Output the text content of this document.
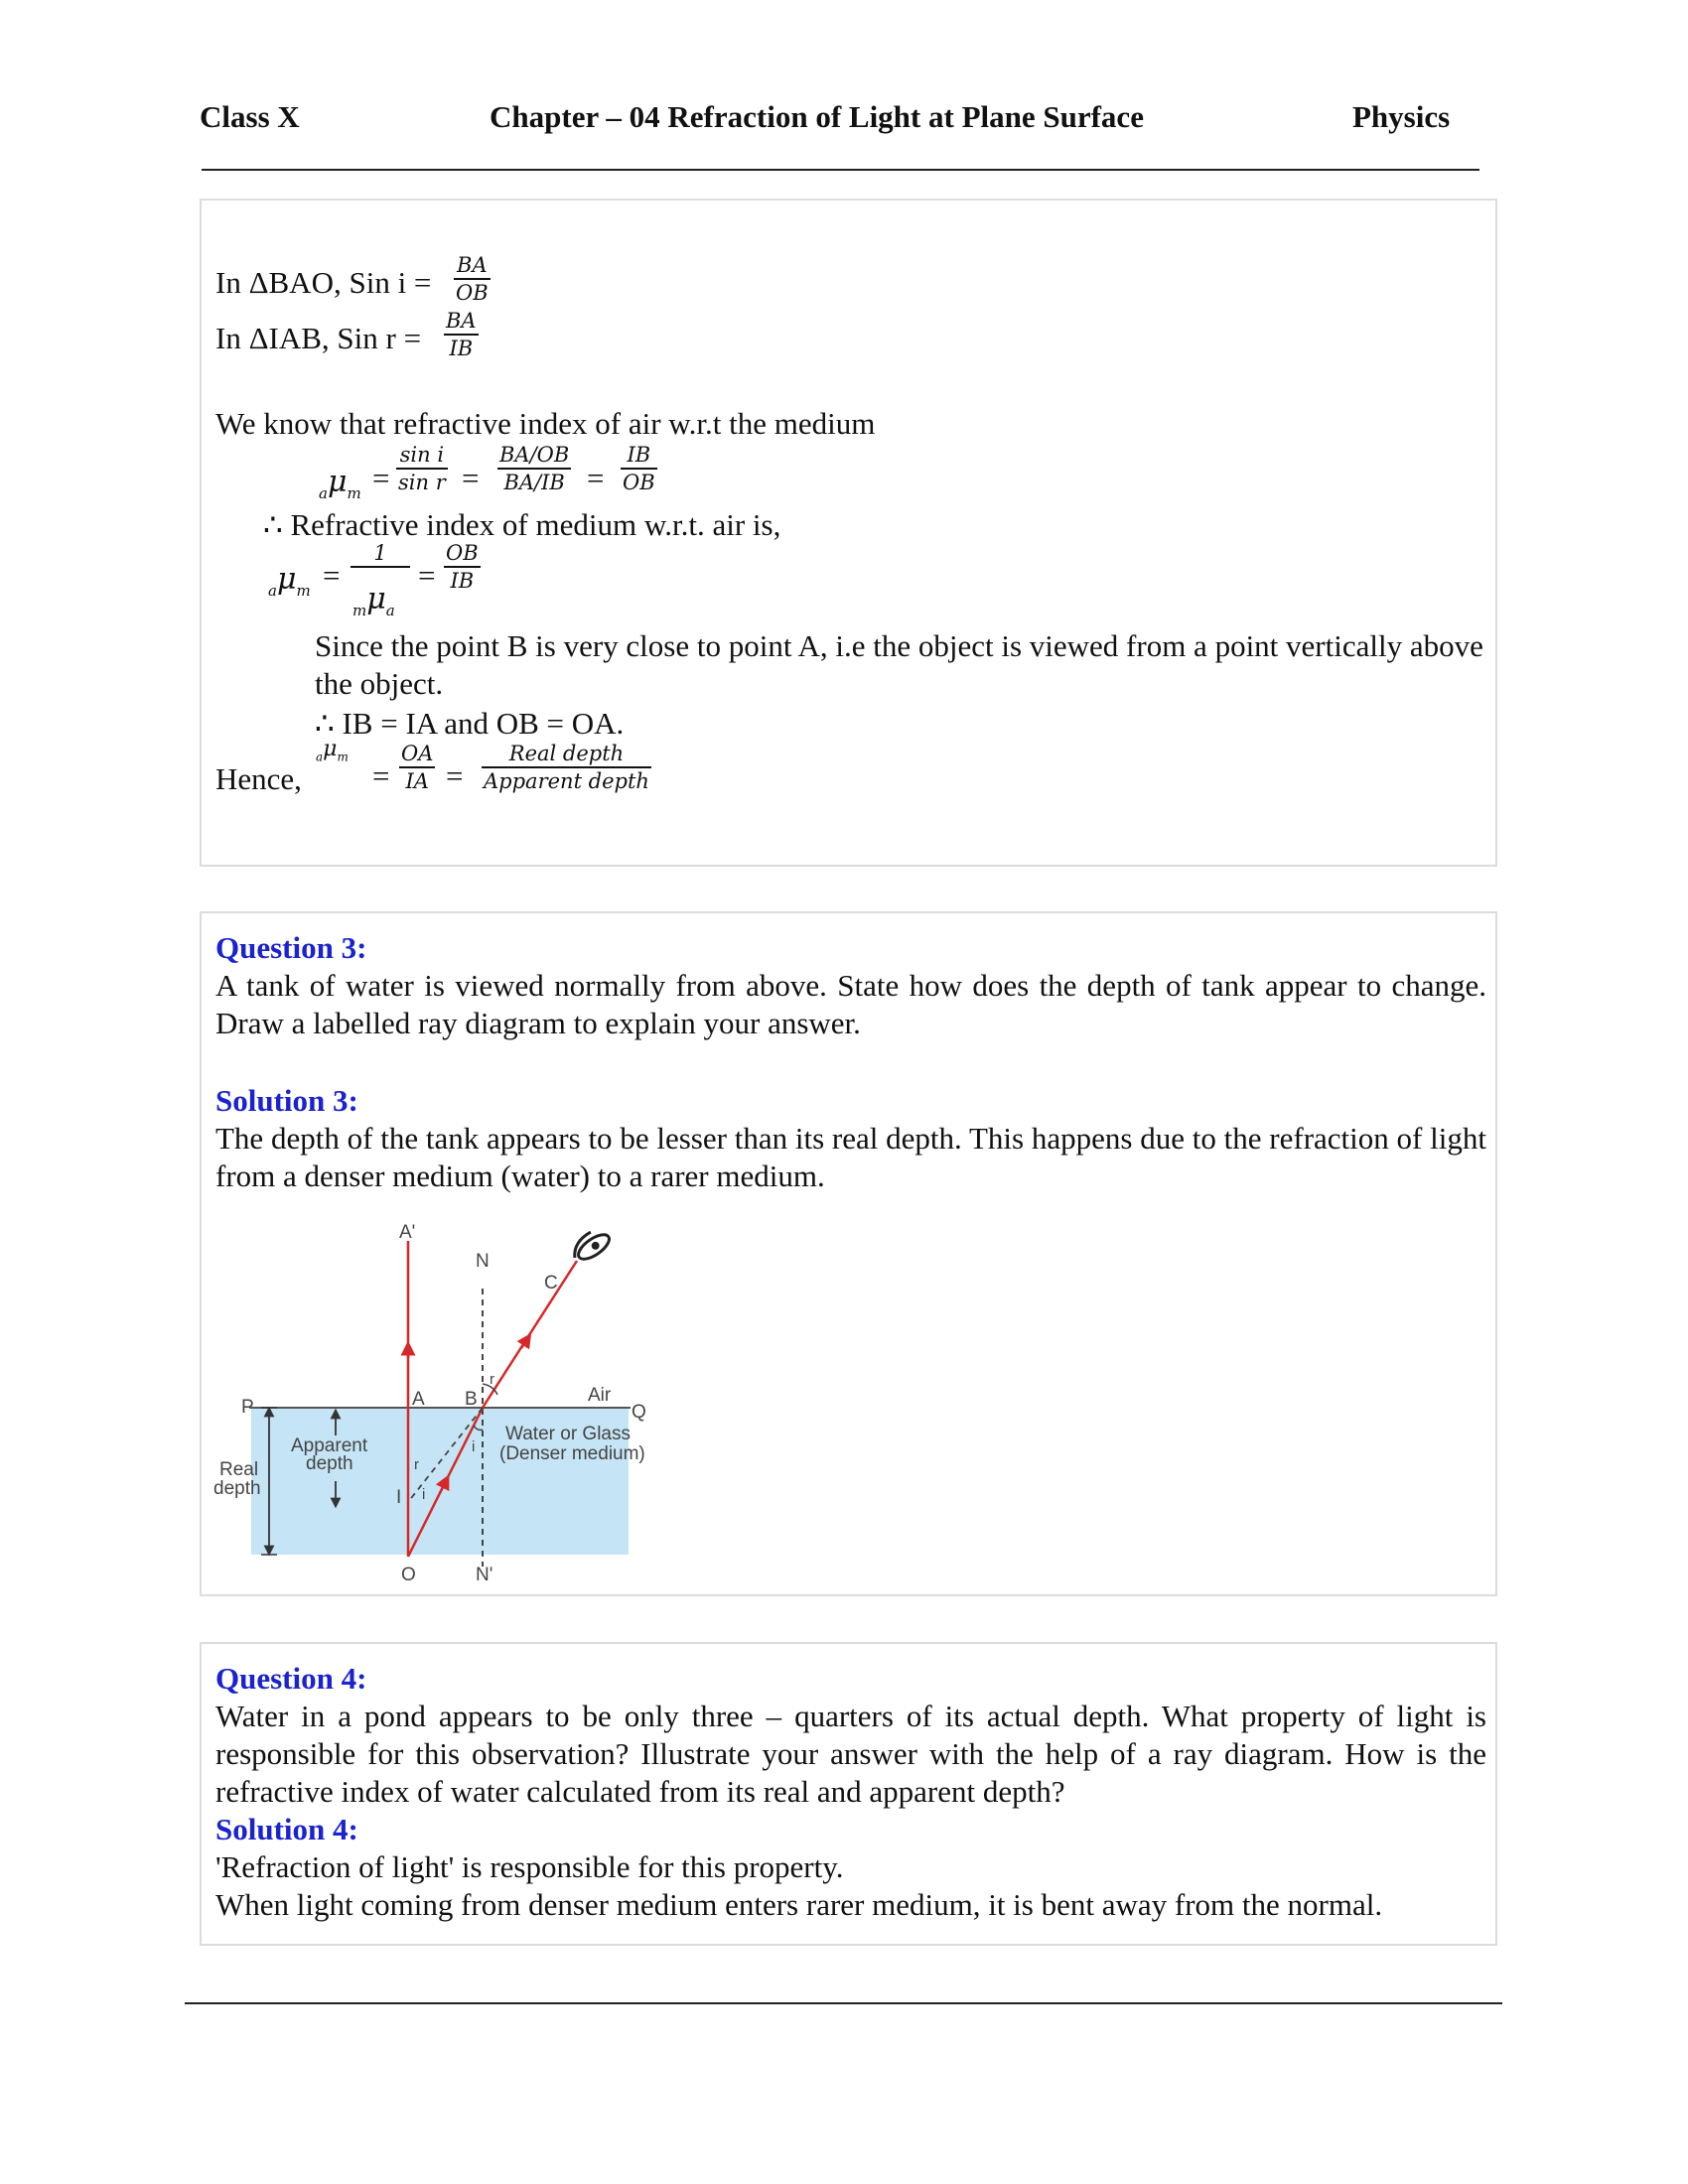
Class X	Chapter – 04 Refraction of Light at Plane Surface	Physics
In ΔBAO, Sin $i = \frac{BA}{OB}$
In ΔIAB, Sin $r = \frac{BA}{IB}$
We know that refractive index of air w.r.t the medium
$_a\mu_m = \frac{\text{sin i}}{\text{sin r}} = \frac{BA/OB}{BA/IB} = \frac{IB}{OB}$
∴ Refractive index of medium w.r.t. air is,
$_a\mu_m$ =
1
$_m\mu_a$
= $\frac{OB}{IB}$
Since the point B is very close to point A, i.e the object is viewed from a point vertically above the object.
∴ IB = IA and OB = OA.
Hence,
$_a\mu_m$
= $\frac{OA}{IA}$ =
Real depth
Apparent depth
Question 3:
A tank of water is viewed normally from above. State how does the depth of tank appear to change. Draw a labelled ray diagram to explain your answer.
Solution 3:
The depth of the tank appears to be lesser than its real depth. This happens due to the refraction of light from a denser medium (water) to a rarer medium.
A'
N
C
P	A B	Air
Q
Water or Glass
(Denser medium)
Apparent
depth
Real
depth
r
r
i
i
I
O	N'
Question 4:
Water in a pond appears to be only three – quarters of its actual depth. What property of light is responsible for this observation? Illustrate your answer with the help of a ray diagram. How is the refractive index of water calculated from its real and apparent depth?
Solution 4:
'Refraction of light' is responsible for this property.
When light coming from denser medium enters rarer medium, it is bent away from the normal.
